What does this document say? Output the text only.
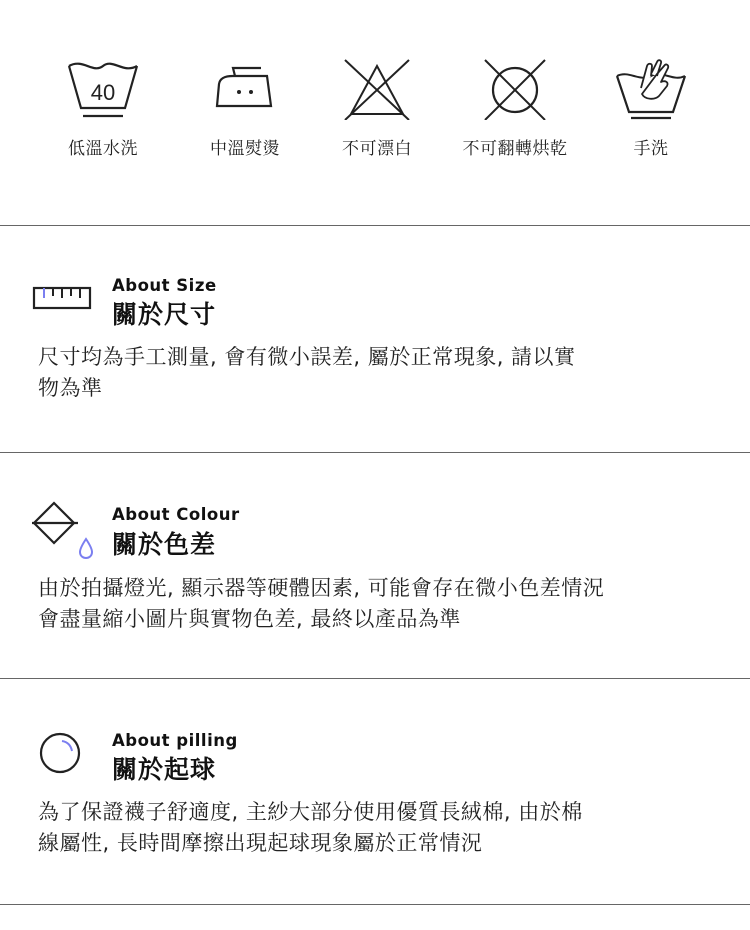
40
低溫水洗	中溫熨燙	不可漂白	不可翻轉烘乾	手洗
About Size
關於尺寸
尺寸均為手工測量, 會有微小誤差, 屬於正常現象, 請以實
物為準
About Colour
關於色差
由於拍攝燈光, 顯示器等硬體因素, 可能會存在微小色差情況
會盡量縮小圖片與實物色差, 最終以產品為準
About pilling
關於起球
為了保證襪子舒適度, 主紗大部分使用優質長絨棉, 由於棉
線屬性, 長時間摩擦出現起球現象屬於正常情況
